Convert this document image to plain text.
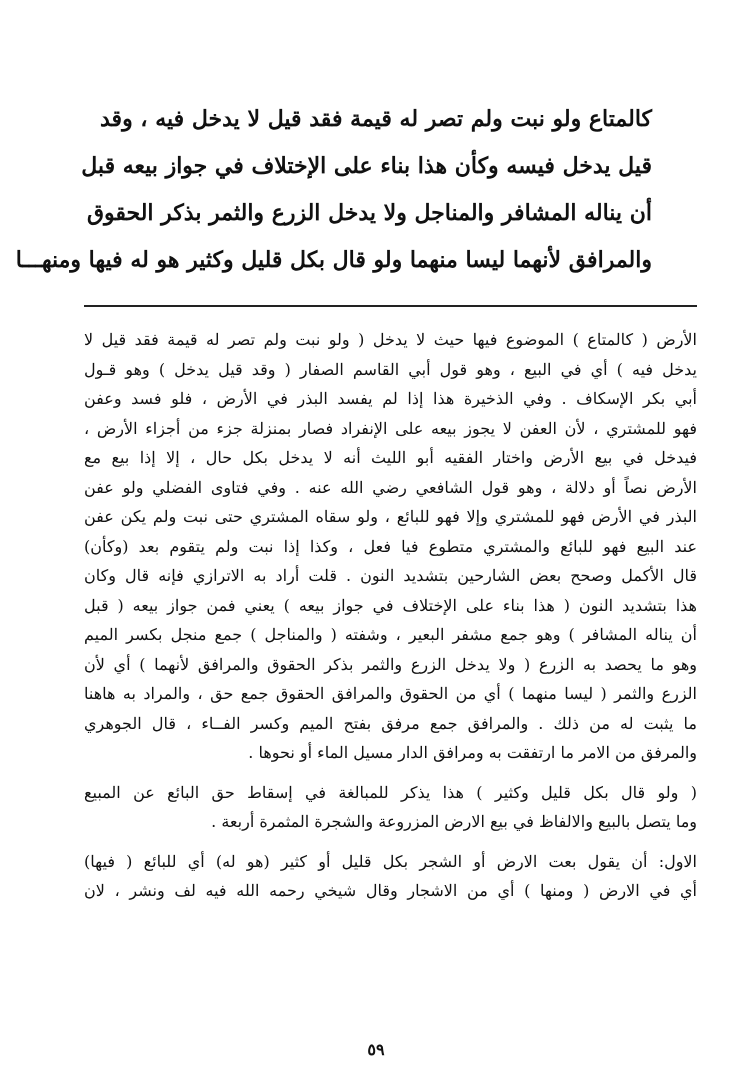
كالمتاع ولو نبت ولم تصر له قيمة فقد قيل لا يدخل فيه ، وقد
قيل يدخل فيسه وكأن هذا بناء على الإختلاف في جواز بيعه قبل
أن يناله المشافر والمناجل ولا يدخل الزرع والثمر بذكر الحقوق
والمرافق لأنهما ليسا منهما ولو قال بكل قليل وكثير هو له فيها ومنهـــا
الأرض ( كالمتاع ) الموضوع فيها حيث لا يدخل ( ولو نبت ولم تصر له قيمة فقد قيل لا
يدخل فيه ) أي في البيع ، وهو قول أبي القاسم الصفار ( وقد قيل يدخل ) وهو قـول
أبي بكر الإسكاف . وفي الذخيرة هذا إذا لم يفسد البذر في الأرض ، فلو فسد وعفن
فهو للمشتري ، لأن العفن لا يجوز بيعه على الإنفراد فصار بمنزلة جزء من أجزاء الأرض ،
فيدخل في بيع الأرض واختار الفقيه أبو الليث أنه لا يدخل بكل حال ، إلا إذا بيع مع
الأرض نصاً أو دلالة ، وهو قول الشافعي رضي الله عنه . وفي فتاوى الفضلي ولو عفن
البذر في الأرض فهو للمشتري وإلا فهو للبائع ، ولو سقاه المشتري حتى نبت ولم يكن عفن
عند البيع فهو للبائع والمشتري متطوع فيا فعل ، وكذا إذا نبت ولم يتقوم بعد (وكأن)
قال الأكمل وصحح بعض الشارحين بتشديد النون . قلت أراد به الاترازي فإنه قال وكان
هذا بتشديد النون ( هذا بناء على الإختلاف في جواز بيعه ) يعني فمن جواز بيعه ( قبل
أن يناله المشافر ) وهو جمع مشفر البعير ، وشفته ( والمناجل ) جمع منجل بكسر الميم
وهو ما يحصد به الزرع ( ولا يدخل الزرع والثمر بذكر الحقوق والمرافق لأنهما ) أي لأن
الزرع والثمر ( ليسا منهما ) أي من الحقوق والمرافق الحقوق جمع حق ، والمراد به هاهنا
ما يثبت له من ذلك . والمرافق جمع مرفق بفتح الميم وكسر الفــاء ، قال الجوهري
والمرفق من الامر ما ارتفقت به ومرافق الدار مسيل الماء أو نحوها .
( ولو قال بكل قليل وكثير ) هذا يذكر للمبالغة في إسقاط حق البائع عن المبيع
وما يتصل بالبيع والالفاظ في بيع الارض المزروعة والشجرة المثمرة أربعة .
الاول: أن يقول بعت الارض أو الشجر بكل قليل أو كثير (هو له) أي للبائع ( فيها)
أي في الارض ( ومنها ) أي من الاشجار وقال شيخي رحمه الله فيه لف ونشر ، لان
٥٩
